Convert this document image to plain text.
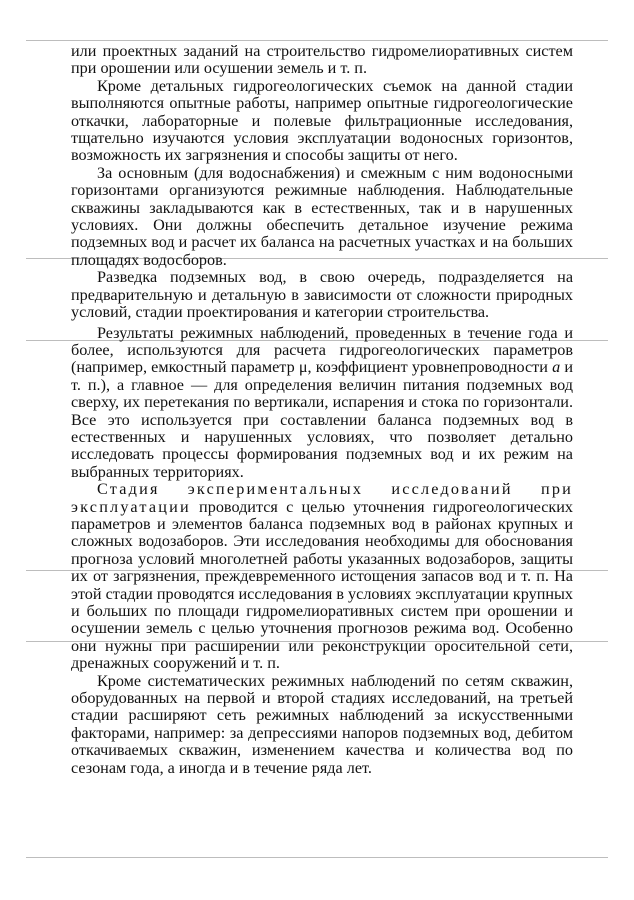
или проектных заданий на строительство гидромелиоративных систем при орошении или осушении земель и т. п.

Кроме детальных гидрогеологических съемок на данной стадии выполняются опытные работы, например опытные гидрогеологические откачки, лабораторные и полевые фильтрационные исследования, тщательно изучаются условия эксплуатации водоносных горизонтов, возможность их загрязнения и способы защиты от него.

За основным (для водоснабжения) и смежным с ним водоносными горизонтами организуются режимные наблюдения. Наблюдательные скважины закладываются как в естественных, так и в нарушенных условиях. Они должны обеспечить детальное изучение режима подземных вод и расчет их баланса на расчетных участках и на больших площадях водосборов.

Разведка подземных вод, в свою очередь, подразделяется на предварительную и детальную в зависимости от сложности природных условий, стадии проектирования и категории строительства.

Результаты режимных наблюдений, проведенных в течение года и более, используются для расчета гидрогеологических параметров (например, емкостный параметр μ, коэффициент уровнепроводности a и т. п.), а главное — для определения величин питания подземных вод сверху, их перетекания по вертикали, испарения и стока по горизонтали. Все это используется при составлении баланса подземных вод в естественных и нарушенных условиях, что позволяет детально исследовать процессы формирования подземных вод и их режим на выбранных территориях.

Стадия экспериментальных исследований при эксплуатации проводится с целью уточнения гидрогеологических параметров и элементов баланса подземных вод в районах крупных и сложных водозаборов. Эти исследования необходимы для обоснования прогноза условий многолетней работы указанных водозаборов, защиты их от загрязнения, преждевременного истощения запасов вод и т. п. На этой стадии проводятся исследования в условиях эксплуатации крупных и больших по площади гидромелиоративных систем при орошении и осушении земель с целью уточнения прогнозов режима вод. Особенно они нужны при расширении или реконструкции оросительной сети, дренажных сооружений и т. п.

Кроме систематических режимных наблюдений по сетям скважин, оборудованных на первой и второй стадиях исследований, на третьей стадии расширяют сеть режимных наблюдений за искусственными факторами, например: за депрессиями напоров подземных вод, дебитом откачиваемых скважин, изменением качества и количества вод по сезонам года, а иногда и в течение ряда лет.
